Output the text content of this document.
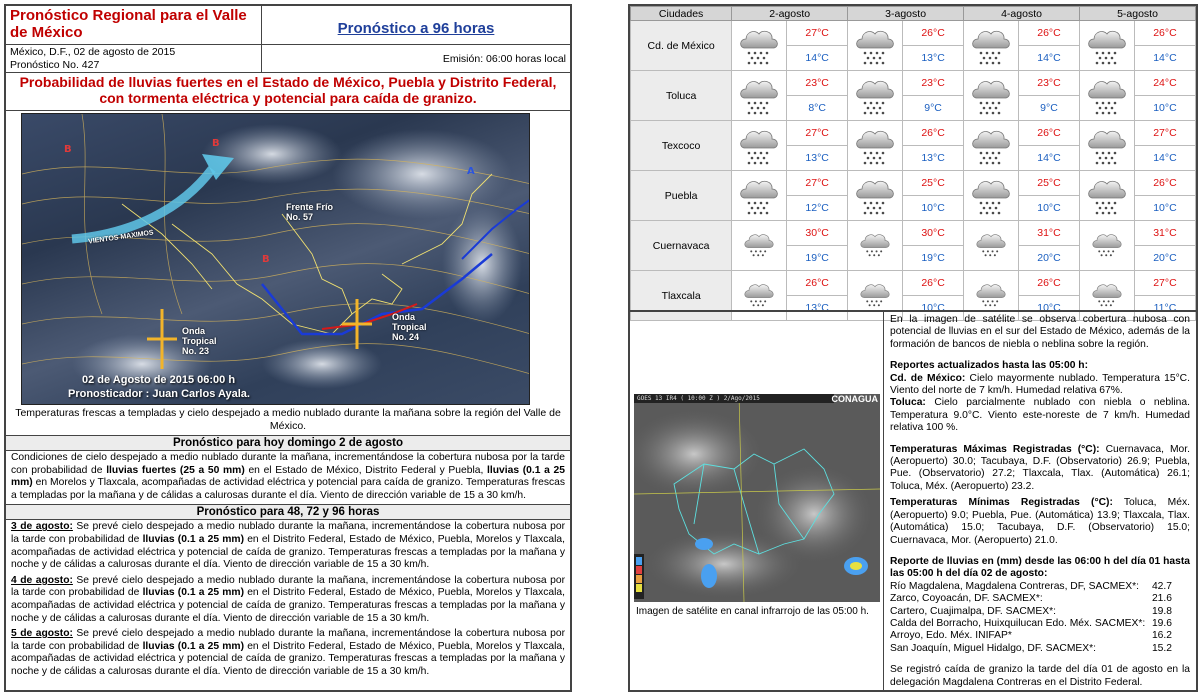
Pronóstico Regional para el Valle de México	Pronóstico a 96 horas
México, D.F., 02 de agosto de 2015
Pronóstico No. 427	Emisión: 06:00 horas local
Probabilidad de lluvias fuertes en el Estado de México, Puebla y Distrito Federal,
con tormenta eléctrica y potencial para caída de granizo.
B
B
B
A
VIENTOS MAXIMOS
Frente Frío
No. 57
Onda
Tropical
No. 23
Onda
Tropical
No. 24
02 de Agosto de 2015 06:00 h
Pronosticador : Juan Carlos Ayala.
Temperaturas frescas a templadas y cielo despejado a medio nublado durante la mañana sobre la región del Valle de México.
Pronóstico para hoy domingo 2 de agosto
Condiciones de cielo despejado a medio nublado durante la mañana, incrementándose la cobertura nubosa por la tarde con probabilidad de lluvias fuertes (25 a 50 mm) en el Estado de México, Distrito Federal y Puebla, lluvias (0.1 a 25 mm) en Morelos y Tlaxcala, acompañadas de actividad eléctrica y potencial para caída de granizo. Temperaturas frescas a templadas por la mañana y de cálidas a calurosas durante el día. Viento de dirección variable de 15 a 30 km/h.
Pronóstico para 48, 72 y 96 horas
3 de agosto: Se prevé cielo despejado a medio nublado durante la mañana, incrementándose la cobertura nubosa por la tarde con probabilidad de lluvias (0.1 a 25 mm) en el Distrito Federal, Estado de México, Puebla, Morelos y Tlaxcala, acompañadas de actividad eléctrica y potencial de caída de granizo. Temperaturas frescas a templadas por la mañana y noche y de cálidas a calurosas durante el día. Viento de dirección variable de 15 a 30 km/h.
4 de agosto: Se prevé cielo despejado a medio nublado durante la mañana, incrementándose la cobertura nubosa por la tarde con probabilidad de lluvias (0.1 a 25 mm) en el Distrito Federal, Estado de México, Puebla, Morelos y Tlaxcala, acompañadas de actividad eléctrica y potencial de caída de granizo. Temperaturas frescas a templadas por la mañana y noche y de cálidas a calurosas durante el día. Viento de dirección variable de 15 a 30 km/h.
5 de agosto: Se prevé cielo despejado a medio nublado durante la mañana, incrementándose la cobertura nubosa por la tarde con probabilidad de lluvias (0.1 a 25 mm) en el Distrito Federal, Estado de México, Puebla, Morelos y Tlaxcala, acompañadas de actividad eléctrica y potencial de caída de granizo. Temperaturas frescas a templadas por la mañana y noche y de cálidas a calurosas durante el día. Viento de dirección variable de 15 a 30 km/h.
Ciudades	2-agosto		3-agosto		4-agosto		5-agosto	
Cd. de México		27°C		26°C		26°C		26°C
		14°C		13°C		14°C		14°C
Toluca		23°C		23°C		23°C		24°C
		8°C		9°C		9°C		10°C
Texcoco		27°C		26°C		26°C		27°C
		13°C		13°C		14°C		14°C
Puebla		27°C		25°C		25°C		26°C
		12°C		10°C		10°C		10°C
Cuernavaca		30°C		30°C		31°C		31°C
		19°C		19°C		20°C		20°C
Tlaxcala		26°C		26°C		26°C		27°C
		13°C		10°C		10°C		11°C
GOES 13 IR4 ( 10:00 Z ) 2/Ago/2015	CONAGUA
Imagen de satélite en canal infrarrojo de las 05:00 h.

En la imagen de satélite se observa cobertura nubosa con potencial de lluvias en el sur del Estado de México, además de la formación de bancos de niebla o neblina sobre la región.

Reportes actualizados hasta las 05:00 h:
Cd. de México: Cielo mayormente nublado. Temperatura 15°C. Viento del norte de 7 km/h. Humedad relativa 67%.
Toluca: Cielo parcialmente nublado con niebla o neblina. Temperatura 9.0°C. Viento este-noreste de 7 km/h. Humedad relativa 100 %.

Temperaturas Máximas Registradas (°C): Cuernavaca, Mor. (Aeropuerto) 30.0; Tacubaya, D.F. (Observatorio) 26.9; Puebla, Pue. (Observatorio) 27.2; Tlaxcala, Tlax. (Automática) 26.1; Toluca, Méx. (Aeropuerto) 23.2.

Temperaturas Mínimas Registradas (°C): Toluca, Méx. (Aeropuerto) 9.0; Puebla, Pue. (Automática) 13.9; Tlaxcala, Tlax. (Automática) 15.0; Tacubaya, D.F. (Observatorio) 15.0; Cuernavaca, Mor. (Aeropuerto) 21.0.

Reporte de lluvias en (mm) desde las 06:00 h del día 01 hasta las 05:00 h del día 02 de agosto:
Río Magdalena, Magdalena Contreras, DF, SACMEX*: 42.7
Zarco, Coyoacán, DF. SACMEX*:	21.6
Cartero, Cuajimalpa, DF. SACMEX*:	19.8
Calda del Borracho, Huixquilucan Edo. Méx. SACMEX*: 19.6
Arroyo, Edo. Méx. INIFAP*	16.2
San Joaquín, Miguel Hidalgo, DF. SACMEX*:	15.2

Se registró caída de granizo la tarde del día 01 de agosto en la delegación Magdalena Contreras en el Distrito Federal.
